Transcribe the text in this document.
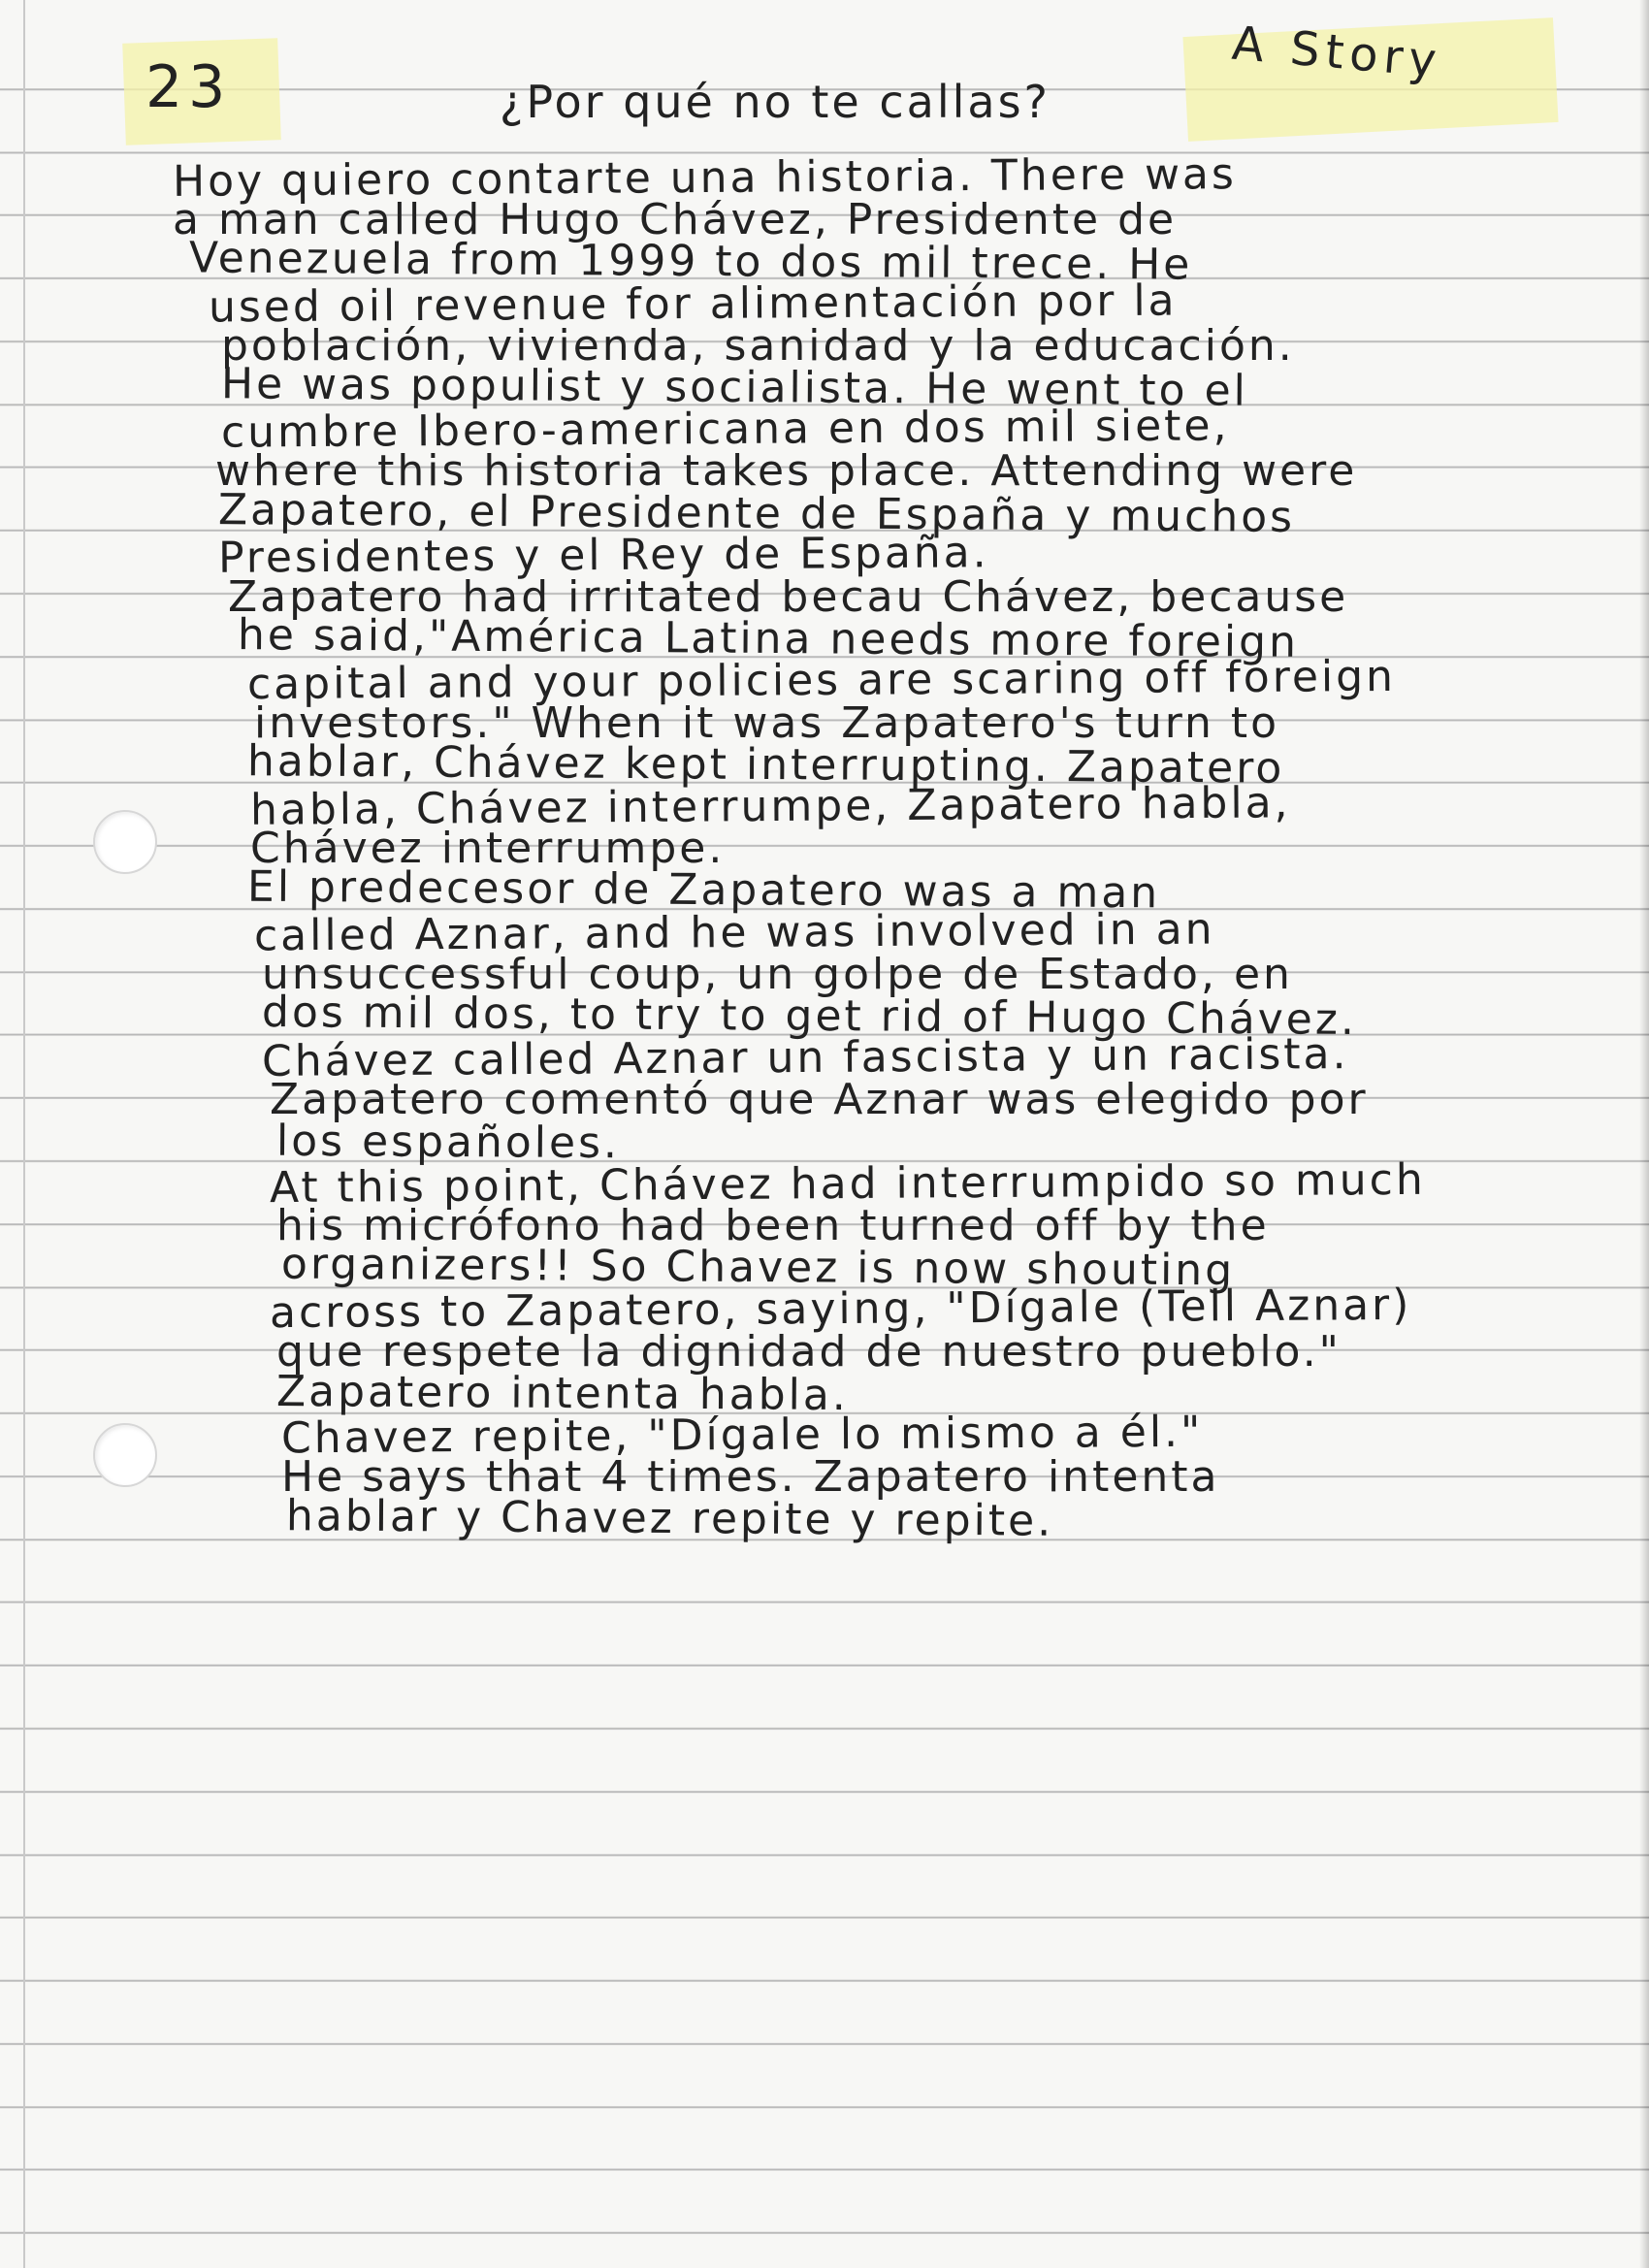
23	A Story
¿Por qué no te callas?
Hoy quiero contarte una historia. There was
a man called Hugo Chávez, Presidente de
Venezuela from 1999 to dos mil trece. He
used oil revenue for alimentación por la
población, vivienda, sanidad y la educación.
He was populist y socialista. He went to el
cumbre Ibero-americana en dos mil siete,
where this historia takes place. Attending were
Zapatero, el Presidente de España y muchos
Presidentes y el Rey de España.
Zapatero had irritated becau Chávez, because
he said,"América Latina needs more foreign
capital and your policies are scaring off foreign
investors." When it was Zapatero's turn to
hablar, Chávez kept interrupting. Zapatero
habla, Chávez interrumpe, Zapatero habla,
Chávez interrumpe.
El predecesor de Zapatero was a man
called Aznar, and he was involved in an
unsuccessful coup, un golpe de Estado, en
dos mil dos, to try to get rid of Hugo Chávez.
Chávez called Aznar un fascista y un racista.
Zapatero comentó que Aznar was elegido por
los españoles.
At this point, Chávez had interrumpido so much
his micrófono had been turned off by the
organizers!! So Chavez is now shouting
across to Zapatero, saying, "Dígale (Tell Aznar)
que respete la dignidad de nuestro pueblo."
Zapatero intenta habla.
Chavez repite, "Dígale lo mismo a él."
He says that 4 times. Zapatero intenta
hablar y Chavez repite y repite.
